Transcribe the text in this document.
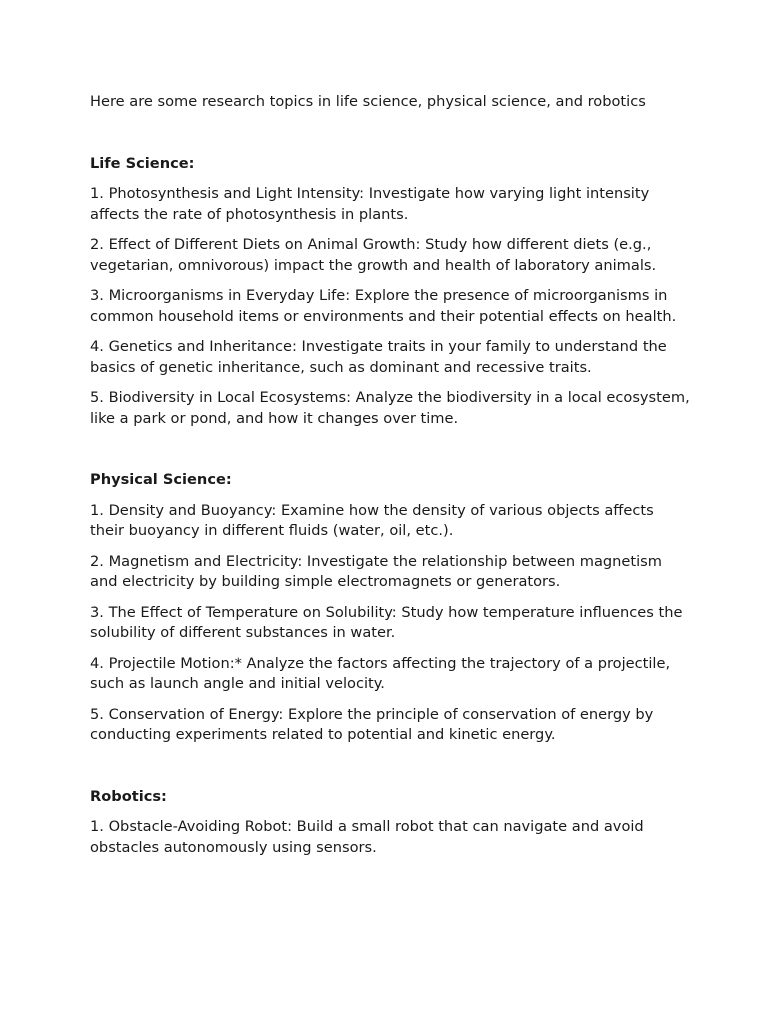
Here are some research topics in life science, physical science, and robotics

Life Science:

1. Photosynthesis and Light Intensity: Investigate how varying light intensity affects the rate of photosynthesis in plants.
2. Effect of Different Diets on Animal Growth: Study how different diets (e.g., vegetarian, omnivorous) impact the growth and health of laboratory animals.
3. Microorganisms in Everyday Life: Explore the presence of microorganisms in common household items or environments and their potential effects on health.
4. Genetics and Inheritance: Investigate traits in your family to understand the basics of genetic inheritance, such as dominant and recessive traits.
5. Biodiversity in Local Ecosystems: Analyze the biodiversity in a local ecosystem, like a park or pond, and how it changes over time.

Physical Science:

1. Density and Buoyancy: Examine how the density of various objects affects their buoyancy in different fluids (water, oil, etc.).
2. Magnetism and Electricity: Investigate the relationship between magnetism and electricity by building simple electromagnets or generators.
3. The Effect of Temperature on Solubility: Study how temperature influences the solubility of different substances in water.
4. Projectile Motion:* Analyze the factors affecting the trajectory of a projectile, such as launch angle and initial velocity.
5. Conservation of Energy: Explore the principle of conservation of energy by conducting experiments related to potential and kinetic energy.

Robotics:

1. Obstacle-Avoiding Robot: Build a small robot that can navigate and avoid obstacles autonomously using sensors.
